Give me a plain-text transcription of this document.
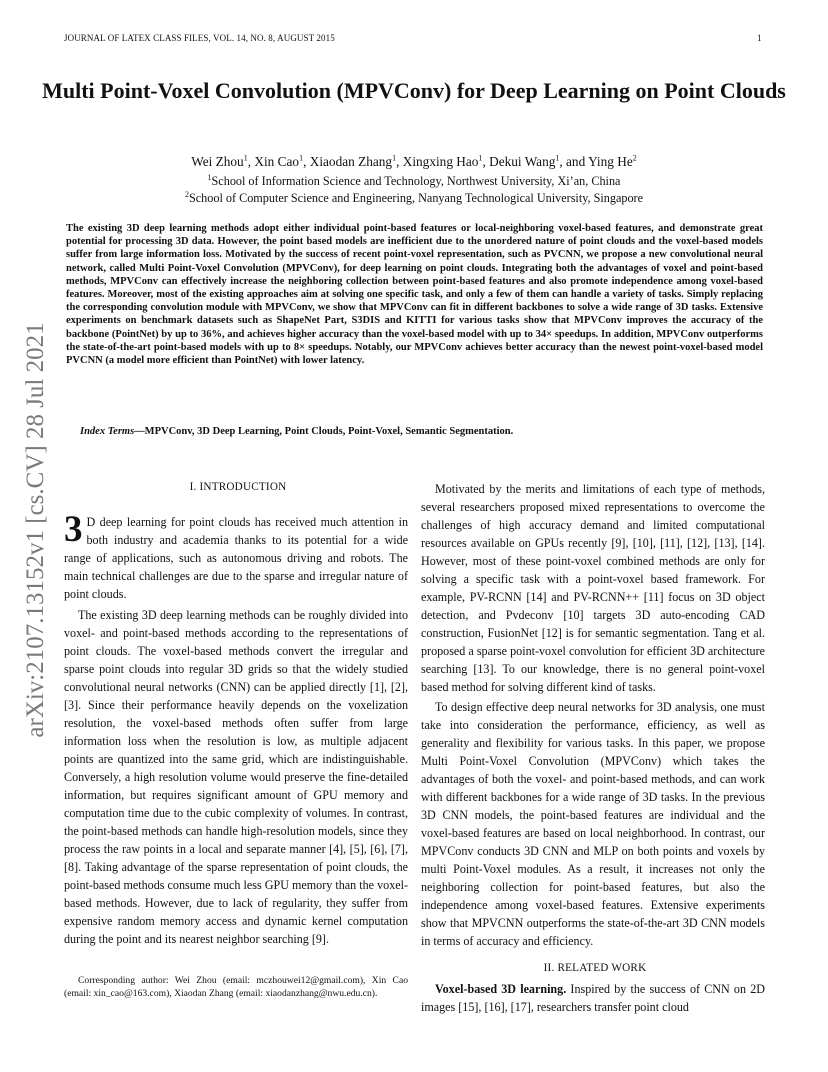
JOURNAL OF LATEX CLASS FILES, VOL. 14, NO. 8, AUGUST 2015	1
arXiv:2107.13152v1 [cs.CV] 28 Jul 2021
Multi Point-Voxel Convolution (MPVConv) for Deep Learning on Point Clouds
Wei Zhou$^1$, Xin Cao$^1$, Xiaodan Zhang$^1$, Xingxing Hao$^1$, Dekui Wang$^1$, and Ying He$^2$
$^1$School of Information Science and Technology, Northwest University, Xi’an, China
$^2$School of Computer Science and Engineering, Nanyang Technological University, Singapore
The existing 3D deep learning methods adopt either individual point-based features or local-neighboring voxel-based features, and demonstrate great potential for processing 3D data. However, the point based models are inefficient due to the unordered nature of point clouds and the voxel-based models suffer from large information loss. Motivated by the success of recent point-voxel representation, such as PVCNN, we propose a new convolutional neural network, called Multi Point-Voxel Convolution (MPVConv), for deep learning on point clouds. Integrating both the advantages of voxel and point-based methods, MPVConv can effectively increase the neighboring collection between point-based features and also promote independence among voxel-based features. Moreover, most of the existing approaches aim at solving one specific task, and only a few of them can handle a variety of tasks. Simply replacing the corresponding convolution module with MPVConv, we show that MPVConv can fit in different backbones to solve a wide range of 3D tasks. Extensive experiments on benchmark datasets such as ShapeNet Part, S3DIS and KITTI for various tasks show that MPVConv improves the accuracy of the backbone (PointNet) by up to 36%, and achieves higher accuracy than the voxel-based model with up to 34× speedups. In addition, MPVConv outperforms the state-of-the-art point-based models with up to 8× speedups. Notably, our MPVConv achieves better accuracy than the newest point-voxel-based model PVCNN (a model more efficient than PointNet) with lower latency.
Index Terms—MPVConv, 3D Deep Learning, Point Clouds, Point-Voxel, Semantic Segmentation.
I. INTRODUCTION

3 D deep learning for point clouds has received much attention in both industry and academia thanks to its potential for a wide range of applications, such as autonomous driving and robots. The main technical challenges are due to the sparse and irregular nature of point clouds.

The existing 3D deep learning methods can be roughly divided into voxel- and point-based methods according to the representations of point clouds. The voxel-based methods convert the irregular and sparse point clouds into regular 3D grids so that the widely studied convolutional neural networks (CNN) can be applied directly [1], [2], [3]. Since their performance heavily depends on the voxelization resolution, the voxel-based methods often suffer from large information loss when the resolution is low, as multiple adjacent points are quantized into the same grid, which are indistinguishable. Conversely, a high resolution volume would preserve the fine-detailed information, but requires significant amount of GPU memory and computation time due to the cubic complexity of volumes. In contrast, the point-based methods can handle high-resolution models, since they process the raw points in a local and separate manner [4], [5], [6], [7], [8]. Taking advantage of the sparse representation of point clouds, the point-based methods consume much less GPU memory than the voxel-based methods. However, due to lack of regularity, they suffer from expensive random memory access and dynamic kernel computation during the point and its nearest neighbor searching [9].

Corresponding author: Wei Zhou (email: mczhouwei12@gmail.com), Xin Cao (email: xin_cao@163.com), Xiaodan Zhang (email: xiaodanzhang@nwu.edu.cn).

Motivated by the merits and limitations of each type of methods, several researchers proposed mixed representations to overcome the challenges of high accuracy demand and limited computational resources available on GPUs recently [9], [10], [11], [12], [13], [14]. However, most of these point-voxel combined methods are only for solving a specific task with a point-voxel based framework. For example, PV-RCNN [14] and PV-RCNN++ [11] focus on 3D object detection, and Pvdeconv [10] targets 3D auto-encoding CAD construction, FusionNet [12] is for semantic segmentation. Tang et al. proposed a sparse point-voxel convolution for efficient 3D architecture searching [13]. To our knowledge, there is no general point-voxel based method for solving different kind of tasks.

To design effective deep neural networks for 3D analysis, one must take into consideration the performance, efficiency, as well as generality and flexibility for various tasks. In this paper, we propose Multi Point-Voxel Convolution (MPVConv) which takes the advantages of both the voxel- and point-based methods, and can work with different backbones for a wide range of 3D tasks. In the previous 3D CNN models, the point-based features are individual and the voxel-based features are based on local neighborhood. In contrast, our MPVConv conducts 3D CNN and MLP on both points and voxels by multi Point-Voxel modules. As a result, it increases not only the neighboring collection for point-based features, but also the independence among voxel-based features. Extensive experiments show that MPVCNN outperforms the state-of-the-art 3D CNN models in terms of accuracy and efficiency.

II. RELATED WORK

Voxel-based 3D learning. Inspired by the success of CNN on 2D images [15], [16], [17], researchers transfer point cloud
